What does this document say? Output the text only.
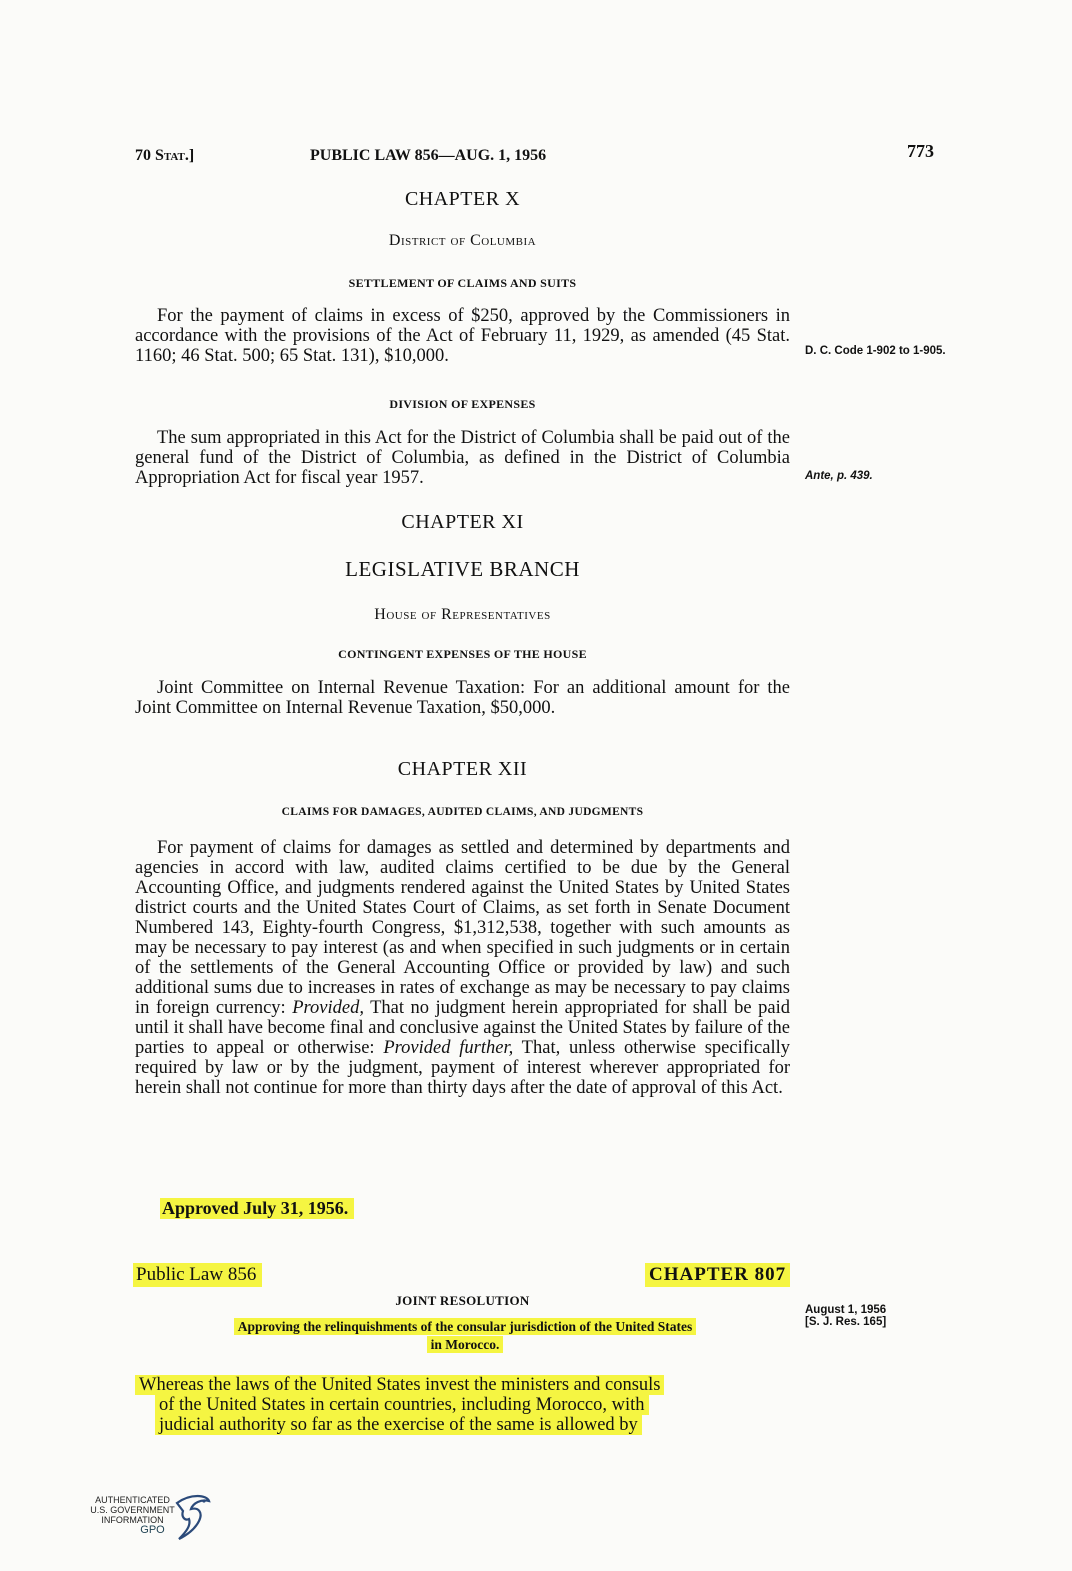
70 Stat.]	PUBLIC LAW 856—AUG. 1, 1956	773
CHAPTER X
District of Columbia
SETTLEMENT OF CLAIMS AND SUITS
For the payment of claims in excess of $250, approved by the Commissioners in accordance with the provisions of the Act of February 11, 1929, as amended (45 Stat. 1160; 46 Stat. 500; 65 Stat. 131), $10,000.	D. C. Code 1-902 to 1-905.
DIVISION OF EXPENSES
The sum appropriated in this Act for the District of Columbia shall be paid out of the general fund of the District of Columbia, as defined in the District of Columbia Appropriation Act for fiscal year 1957.	Ante, p. 439.
CHAPTER XI
LEGISLATIVE BRANCH
House of Representatives
CONTINGENT EXPENSES OF THE HOUSE
Joint Committee on Internal Revenue Taxation: For an additional amount for the Joint Committee on Internal Revenue Taxation, $50,000.
CHAPTER XII
CLAIMS FOR DAMAGES, AUDITED CLAIMS, AND JUDGMENTS
For payment of claims for damages as settled and determined by departments and agencies in accord with law, audited claims certified to be due by the General Accounting Office, and judgments rendered against the United States by United States district courts and the United States Court of Claims, as set forth in Senate Document Numbered 143, Eighty-fourth Congress, $1,312,538, together with such amounts as may be necessary to pay interest (as and when specified in such judgments or in certain of the settlements of the General Accounting Office or provided by law) and such additional sums due to increases in rates of exchange as may be necessary to pay claims in foreign currency: Provided, That no judgment herein appropriated for shall be paid until it shall have become final and conclusive against the United States by failure of the parties to appeal or otherwise: Provided further, That, unless otherwise specifically required by law or by the judgment, payment of interest wherever appropriated for herein shall not continue for more than thirty days after the date of approval of this Act.
Approved July 31, 1956.
Public Law 856	CHAPTER 807
JOINT RESOLUTION
August 1, 1956
[S. J. Res. 165]
Approving the relinquishments of the consular jurisdiction of the United States
in Morocco.
Whereas the laws of the United States invest the ministers and consuls
of the United States in certain countries, including Morocco, with
judicial authority so far as the exercise of the same is allowed by
AUTHENTICATED
U.S. GOVERNMENT
INFORMATION
GPO
